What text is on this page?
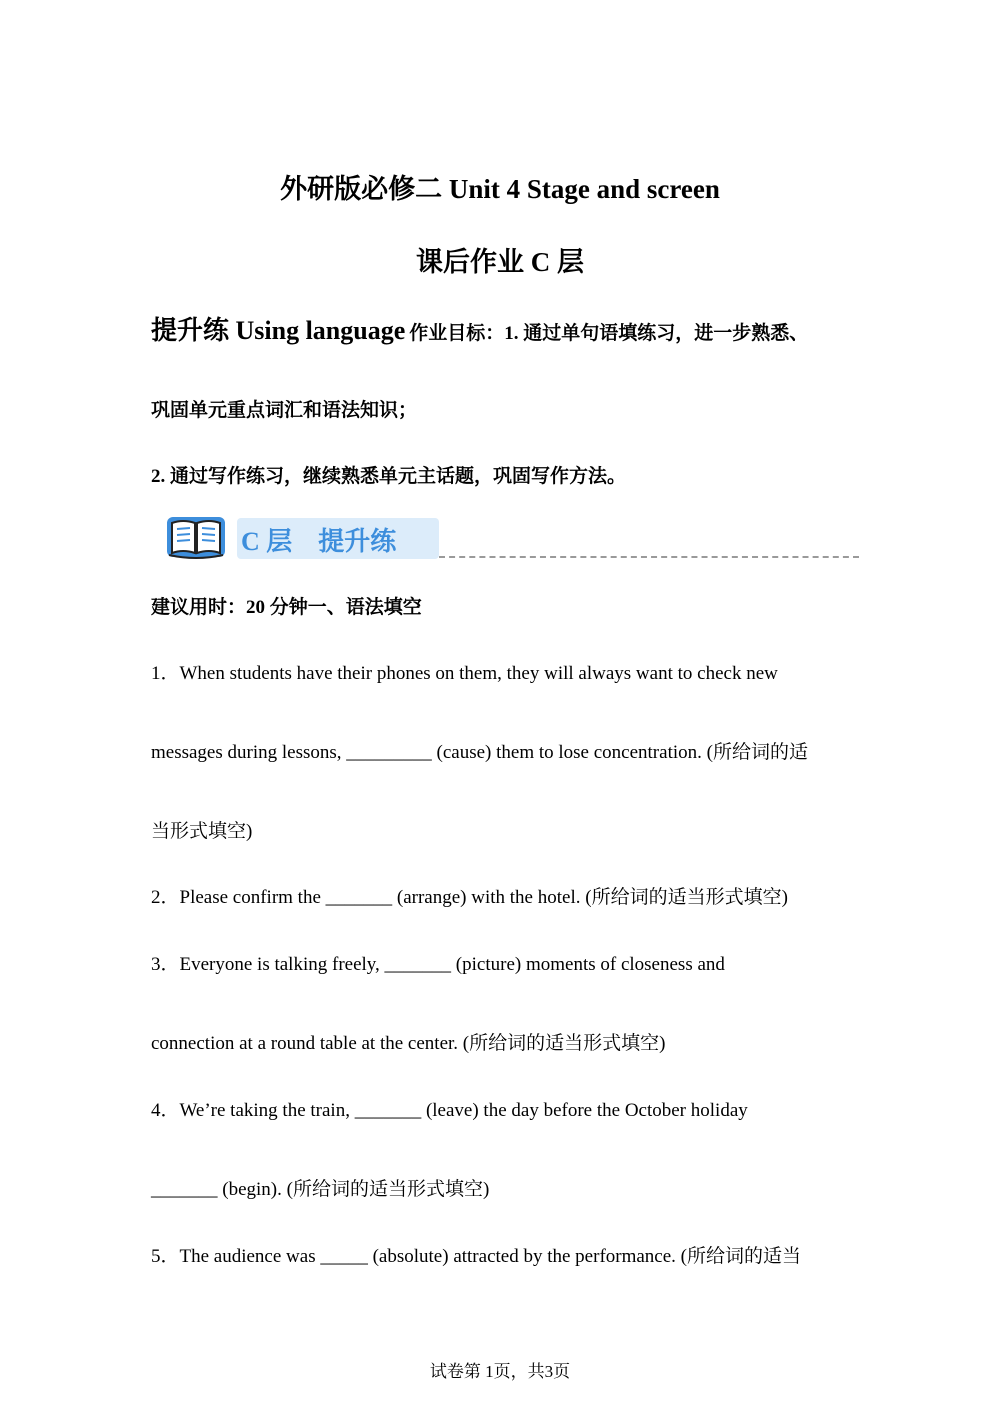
外研版必修二 Unit 4 Stage and screen
课后作业 C 层
提升练 Using language 作业目标：1. 通过单句语填练习，进一步熟悉、
巩固单元重点词汇和语法知识；
2. 通过写作练习，继续熟悉单元主话题，巩固写作方法。
C 层　提升练
建议用时：20 分钟一、语法填空
1．When students have their phones on them, they will always want to check new
messages during lessons, _________ (cause) them to lose concentration. (所给词的适
当形式填空)
2．Please confirm the _______ (arrange) with the hotel. (所给词的适当形式填空)
3．Everyone is talking freely, _______ (picture) moments of closeness and
connection at a round table at the center. (所给词的适当形式填空)
4．We’re taking the train, _______ (leave) the day before the October holiday
_______ (begin). (所给词的适当形式填空)
5．The audience was _____ (absolute) attracted by the performance. (所给词的适当
试卷第 1页，共3页
